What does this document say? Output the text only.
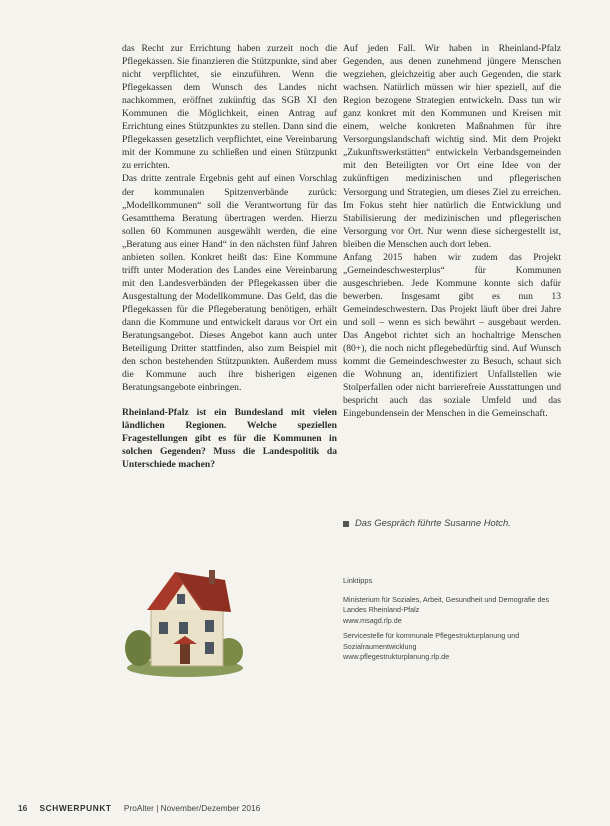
das Recht zur Errichtung haben zurzeit noch die Pflegekassen. Sie finanzieren die Stützpunkte, sind aber nicht verpflichtet, sie einzuführen. Wenn die Pflegekassen dem Wunsch des Landes nicht nachkommen, eröffnet zukünftig das SGB XI den Kommunen die Möglichkeit, einen Antrag auf Errichtung eines Stützpunktes zu stellen. Dann sind die Pflegekassen gesetzlich verpflichtet, eine Vereinbarung mit der Kommune zu schließen und einen Stützpunkt zu errichten.

Das dritte zentrale Ergebnis geht auf einen Vorschlag der kommunalen Spitzenverbände zurück: „Modellkommunen“ soll die Verantwortung für das Gesamtthema Beratung übertragen werden. Hierzu sollen 60 Kommunen ausgewählt werden, die eine „Beratung aus einer Hand“ in den nächsten fünf Jahren anbieten sollen. Konkret heißt das: Eine Kommune trifft unter Moderation des Landes eine Vereinbarung mit den Landesverbänden der Pflegekassen über die Ausgestaltung der Modellkommune. Das Geld, das die Pflegekassen für die Pflegeberatung benötigen, erhält dann die Kommune und entwickelt daraus vor Ort ein Beratungsangebot. Dieses Angebot kann auch unter Beteiligung Dritter stattfinden, also zum Beispiel mit den schon bestehenden Stützpunkten. Außerdem muss die Kommune auch ihre bisherigen eigenen Beratungsangebote einbringen.

Rheinland-Pfalz ist ein Bundesland mit vielen ländlichen Regionen. Welche speziellen Fragestellungen gibt es für die Kommunen in solchen Gegenden? Muss die Landespolitik da Unterschiede machen?

Auf jeden Fall. Wir haben in Rheinland-Pfalz Gegenden, aus denen zunehmend jüngere Menschen wegziehen, gleichzeitig aber auch Gegenden, die stark wachsen. Natürlich müssen wir hier speziell, auf die Region bezogene Strategien entwickeln. Dass tun wir ganz konkret mit den Kommunen und Kreisen mit einem, welche konkreten Maßnahmen für ihre Versorgungslandschaft wichtig sind. Mit dem Projekt „Zukunftswerkstätten“ entwickeln Verbandsgemeinden mit den Beteiligten vor Ort eine Idee von der zukünftigen medizinischen und pflegerischen Versorgung und Strategien, um dieses Ziel zu erreichen. Im Fokus steht hier natürlich die Entwicklung und Stabilisierung der medizinischen und pflegerischen Versorgung vor Ort. Nur wenn diese sichergestellt ist, bleiben die Menschen auch dort leben.

Anfang 2015 haben wir zudem das Projekt „Gemeindeschwesterplus“ für Kommunen ausgeschrieben. Jede Kommune konnte sich dafür bewerben. Insgesamt gibt es nun 13 Gemeindeschwestern. Das Projekt läuft über drei Jahre und soll – wenn es sich bewährt – ausgebaut werden. Das Angebot richtet sich an hochaltrige Menschen (80+), die noch nicht pflegebedürftig sind. Auf Wunsch kommt die Gemeindeschwester zu Besuch, schaut sich die Wohnung an, identifiziert Unfallstellen wie Stolperfallen oder nicht barrierefreie Ausstattungen und bespricht auch das soziale Umfeld und das Eingebundensein der Menschen in die Gemeinschaft.

Das Gespräch führte Susanne Hotch.
Linktipps
Ministerium für Soziales, Arbeit, Gesundheit und Demografie des Landes Rheinland-Pfalz
www.msagd.rlp.de
Servicestelle für kommunale Pflegestrukturplanung und Sozialraumentwicklung
www.pflegestrukturplanung.rlp.de
16 SCHWERPUNKT ProAlter | November/Dezember 2016
